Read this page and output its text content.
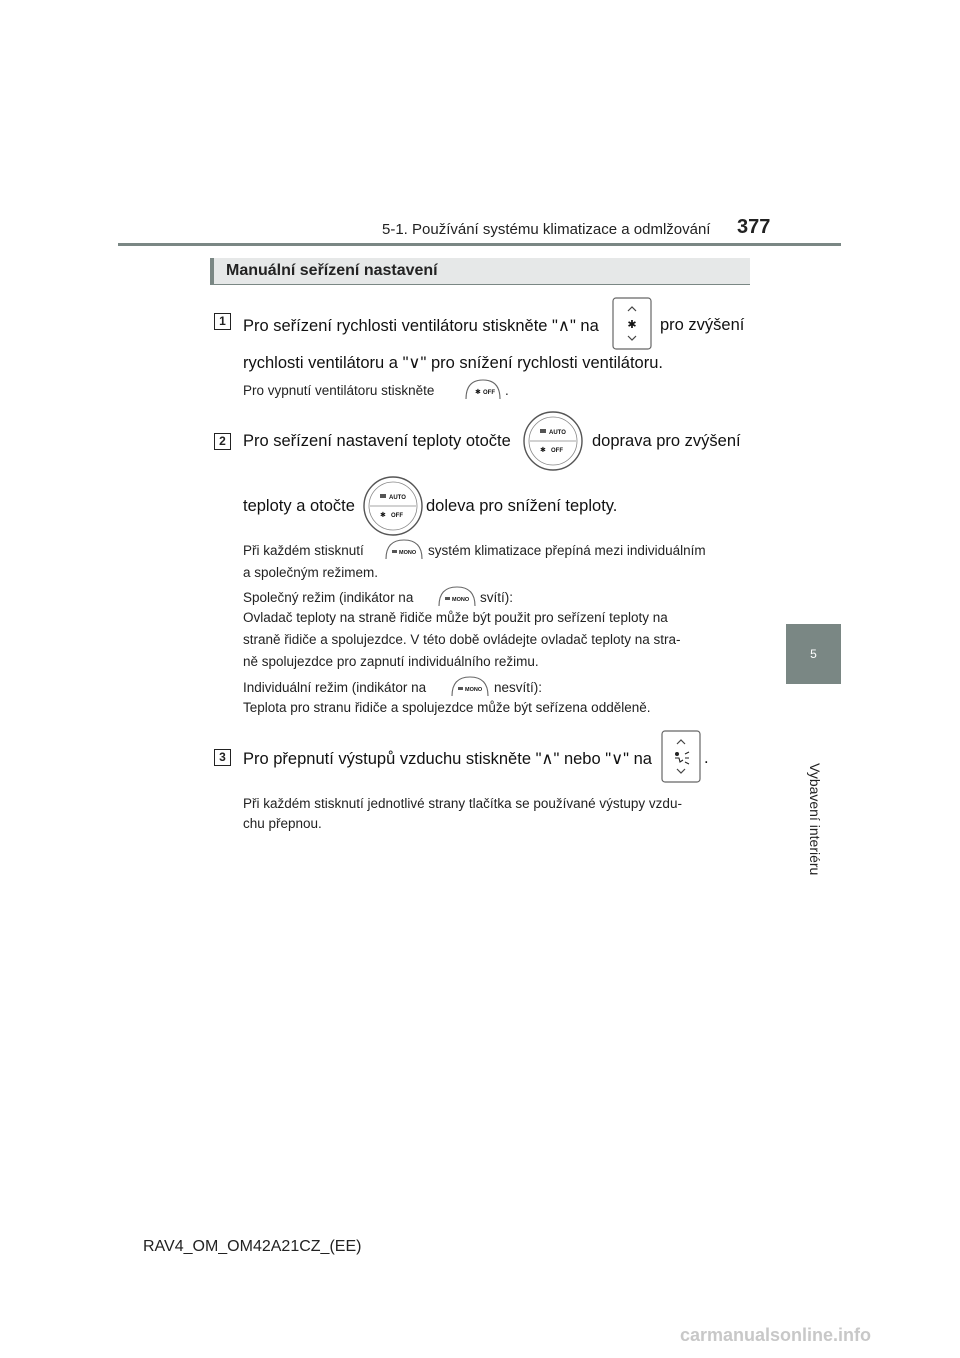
5-1. Používání systému klimatizace a odmlžování 377
5
Vybavení interiéru
Manuální seřízení nastavení
1	Pro seřízení rychlosti ventilátoru stiskněte "∧" na	✱ pro zvýšení
rychlosti ventilátoru a "∨" pro snížení rychlosti ventilátoru.
Pro vypnutí ventilátoru stiskněte	✱ OFF .
2	Pro seřízení nastavení teploty otočte	AUTO
✱ OFF
doprava pro zvýšení
teploty a otočte	AUTO
✱ OFF
doleva pro snížení teploty.
Při každém stisknutí	MONO systém klimatizace přepíná mezi individuálním
a společným režimem.
Společný režim (indikátor na	MONO svítí):
Ovladač teploty na straně řidiče může být použit pro seřízení teploty na
straně řidiče a spolujezdce. V této době ovládejte ovladač teploty na stra-
ně spolujezdce pro zapnutí individuálního režimu.
Individuální režim (indikátor na	MONO nesvítí):
Teplota pro stranu řidiče a spolujezdce může být seřízena odděleně.
3	Pro přepnutí výstupů vzduchu stiskněte "∧" nebo "∨" na	.
Při každém stisknutí jednotlivé strany tlačítka se používané výstupy vzdu-
chu přepnou.
RAV4_OM_OM42A21CZ_(EE)
carmanualsonline.info
